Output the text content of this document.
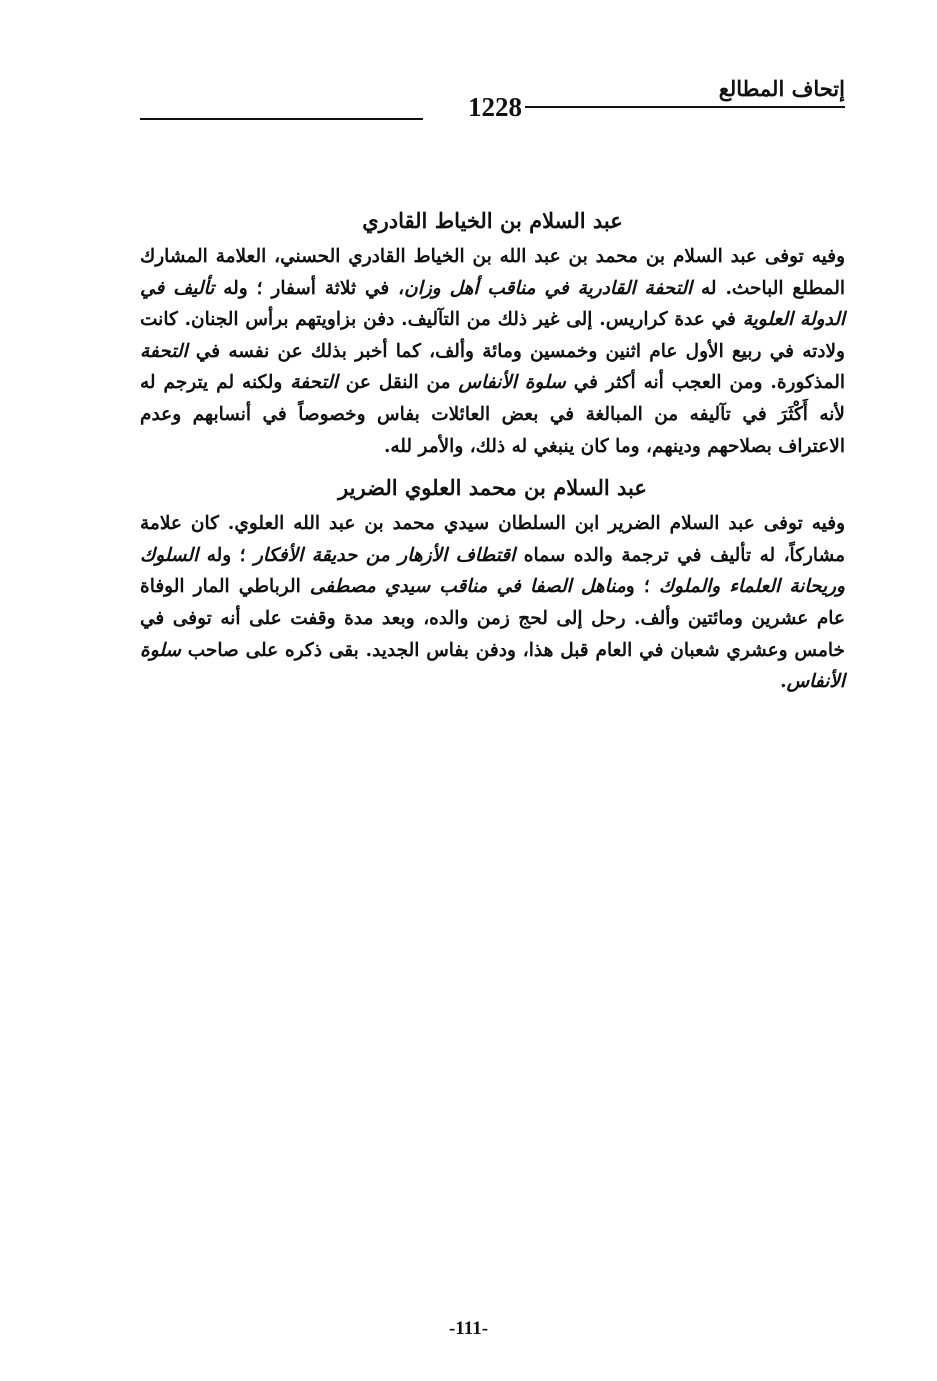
إتحاف المطالع
1228
عبد السلام بن الخياط القادري

وفيه توفى عبد السلام بن محمد بن عبد الله بن الخياط القادري الحسني، العلامة المشارك المطلع الباحث. له التحفة القادرية في مناقب أهل وزان، في ثلاثة أسفار ؛ وله تأليف في الدولة العلوية في عدة كراريس. إلى غير ذلك من التآليف. دفن بزاويتهم برأس الجنان. كانت ولادته في ربيع الأول عام اثنين وخمسين ومائة وألف، كما أخبر بذلك عن نفسه في التحفة المذكورة. ومن العجب أنه أكثر في سلوة الأنفاس من النقل عن التحفة ولكنه لم يترجم له لأنه أَكْثَرَ في تآليفه من المبالغة في بعض العائلات بفاس وخصوصاً في أنسابهم وعدم الاعتراف بصلاحهم ودينهم، وما كان ينبغي له ذلك، والأمر لله.

عبد السلام بن محمد العلوي الضرير

وفيه توفى عبد السلام الضرير ابن السلطان سيدي محمد بن عبد الله العلوي. كان علامة مشاركاً، له تأليف في ترجمة والده سماه اقتطاف الأزهار من حديقة الأفكار ؛ وله السلوك وريحانة العلماء والملوك ؛ ومناهل الصفا في مناقب سيدي مصطفى الرباطي المار الوفاة عام عشرين ومائتين وألف. رحل إلى لحج زمن والده، وبعد مدة وقفت على أنه توفى في خامس وعشري شعبان في العام قبل هذا، ودفن بفاس الجديد. بقى ذكره على صاحب سلوة الأنفاس.

-111-
